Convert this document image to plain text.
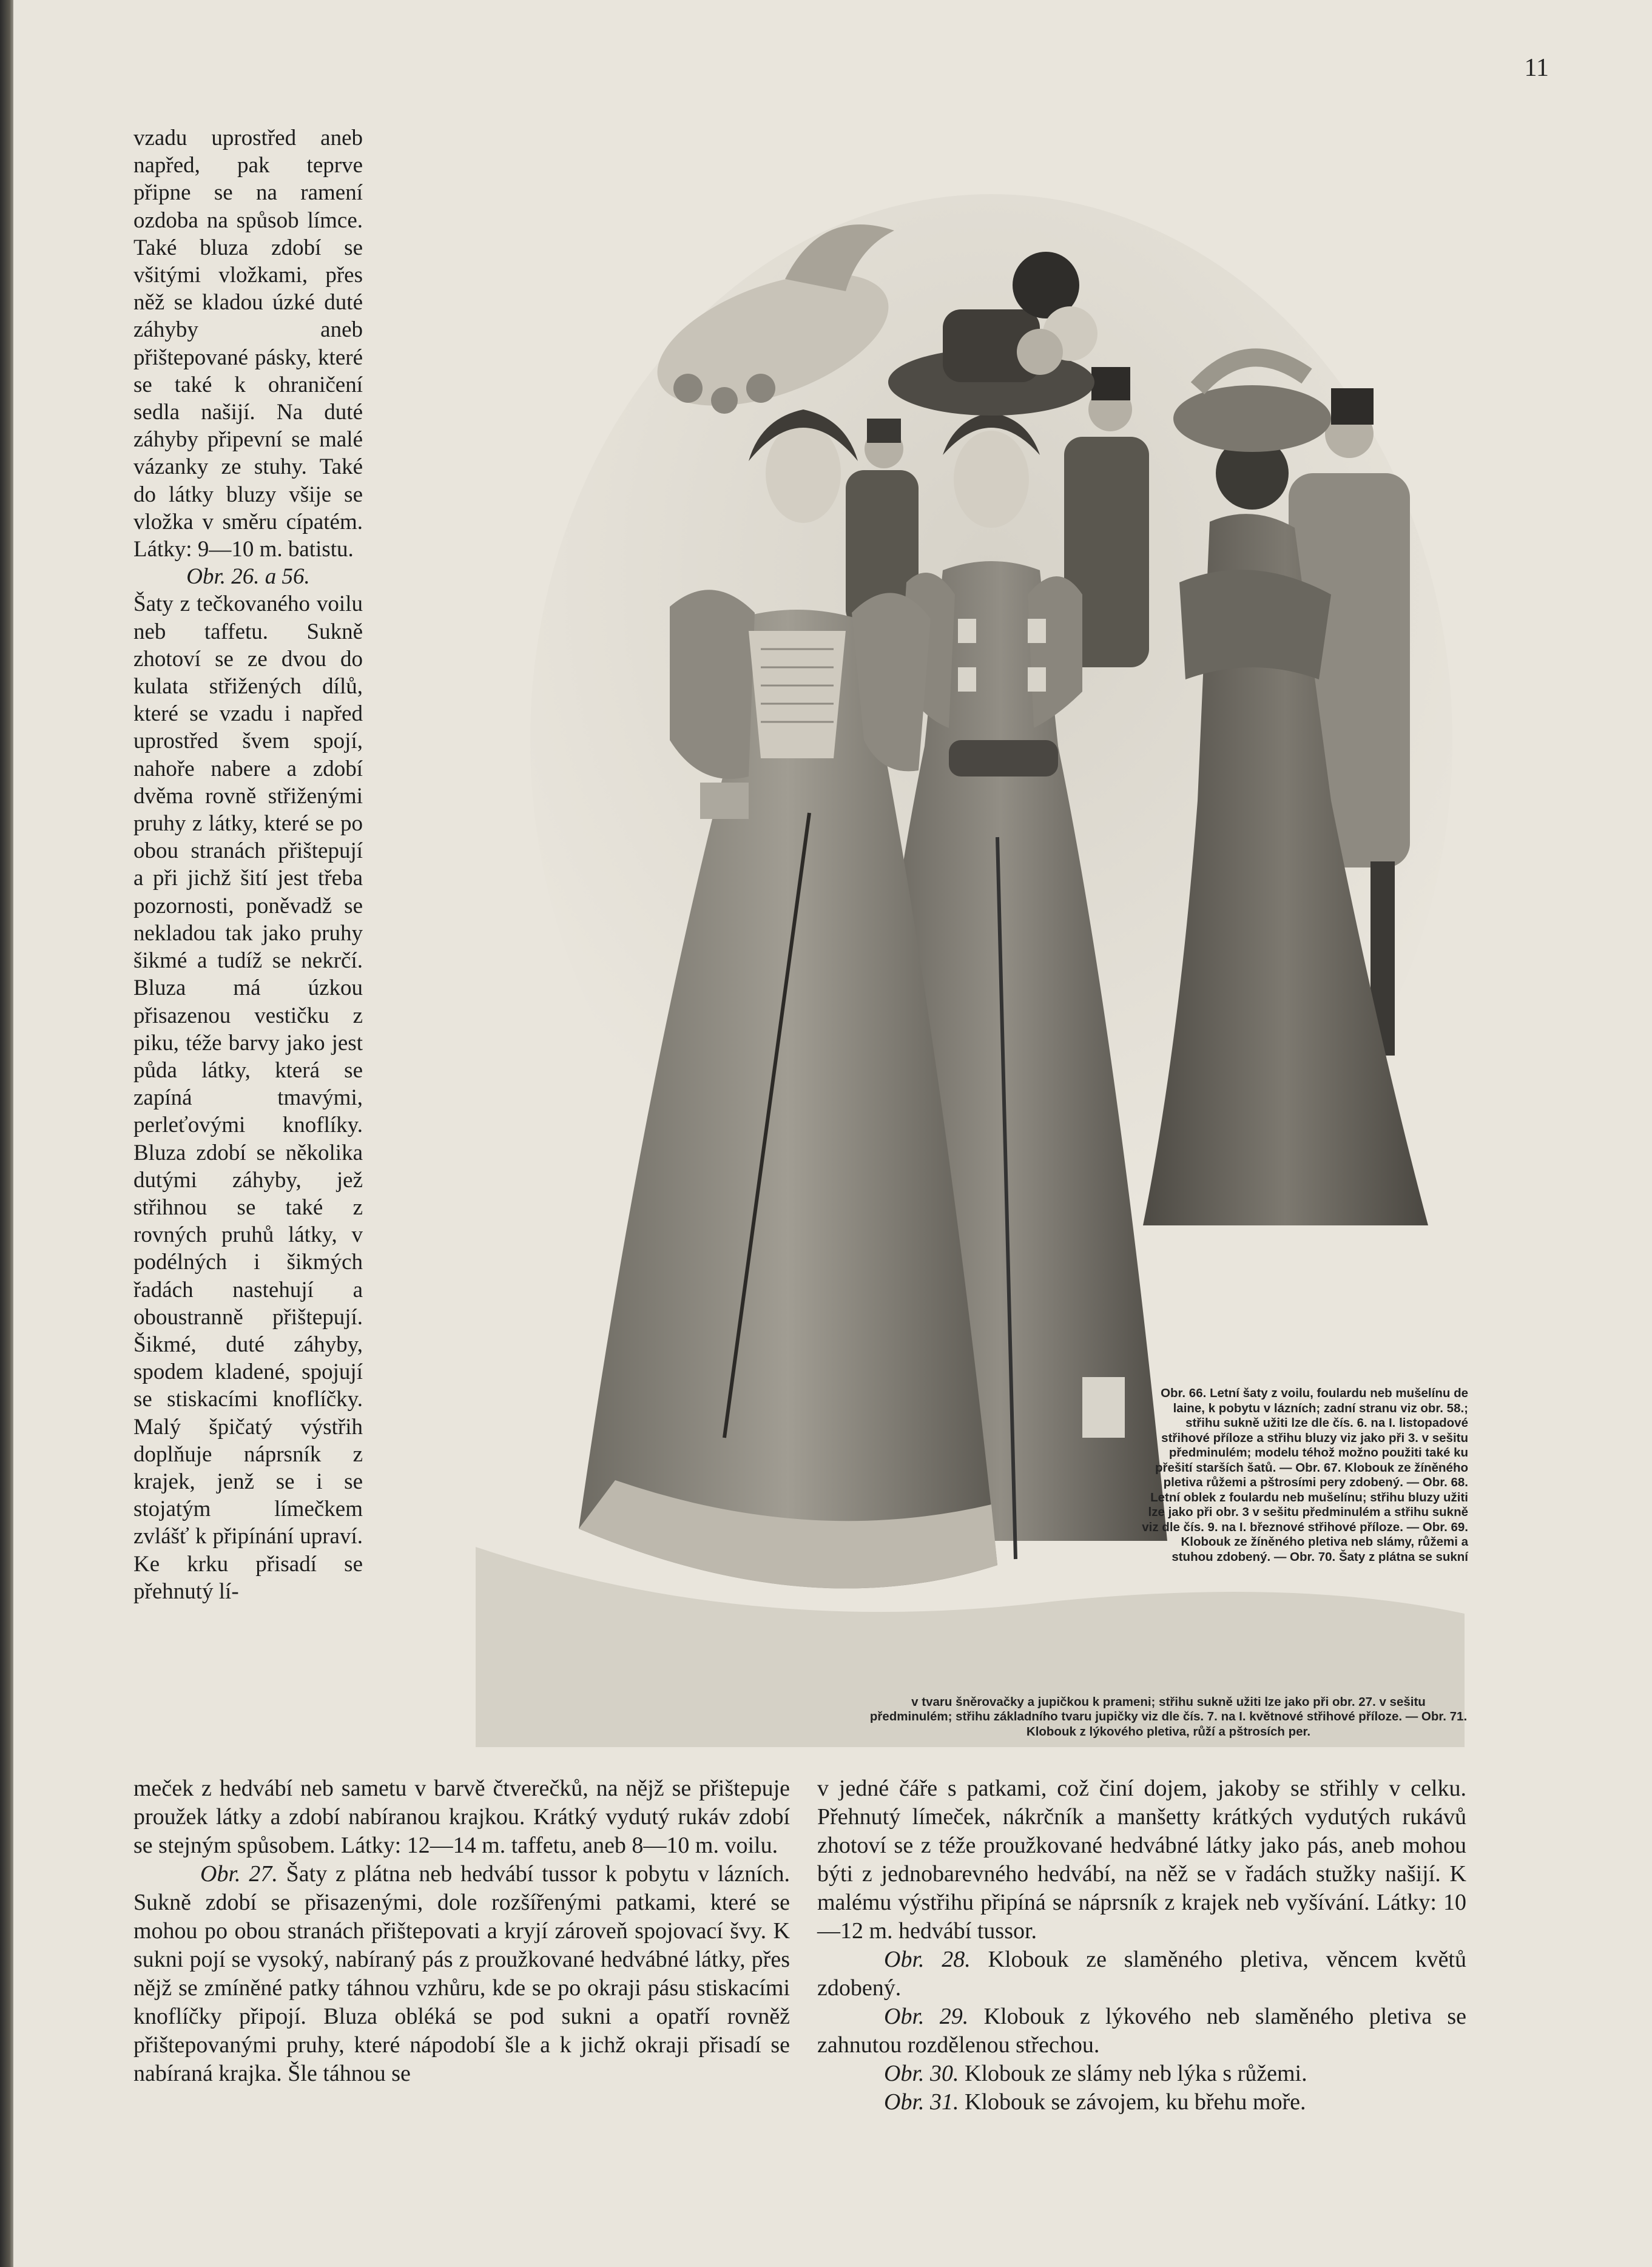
11

vzadu uprostřed aneb napřed, pak teprve připne se na ramení ozdoba na spůsob límce. Také bluza zdobí se všitými vložkami, přes něž se kladou úzké duté záhyby aneb přištepované pásky, které se také k ohraničení sedla našijí. Na duté záhyby připevní se malé vázanky ze stuhy. Také do látky bluzy všije se vložka v směru cípatém. Látky: 9—10 m. batistu.

Obr. 26. a 56.

Šaty z tečkovaného voilu neb taffetu. Sukně zhotoví se ze dvou do kulata střižených dílů, které se vzadu i napřed uprostřed švem spojí, nahoře nabere a zdobí dvěma rovně střiženými pruhy z látky, které se po obou stranách přištepují a při jichž šití jest třeba pozornosti, poněvadž se nekladou tak jako pruhy šikmé a tudíž se nekrčí. Bluza má úzkou přisazenou vestičku z piku, téže barvy jako jest půda látky, která se zapíná tmavými, perleťovými knoflíky. Bluza zdobí se několika dutými záhyby, jež střihnou se také z rovných pruhů látky, v podélných i šikmých řadách nastehují a oboustranně přištepují. Šikmé, duté záhyby, spodem kladené, spojují se stiskacími knoflíčky. Malý špičatý výstřih doplňuje náprsník z krajek, jenž se i se stojatým límečkem zvlášť k připínání upraví. Ke krku přisadí se přehnutý lí-

Obr. 66. Letní šaty z voilu, foulardu neb mušelínu de laine, k pobytu v lázních; zadní stranu viz obr. 58.; střihu sukně užiti lze dle čís. 6. na I. listopadové střihové příloze a střihu bluzy viz jako při 3. v sešitu předminulém; modelu téhož možno použiti také ku přešití starších šatů. — Obr. 67. Klobouk ze žíněného pletiva růžemi a pštrosími pery zdobený. — Obr. 68. Letní oblek z foulardu neb mušelínu; střihu bluzy užiti lze jako při obr. 3 v sešitu předminulém a střihu sukně viz dle čís. 9. na I. březnové střihové příloze. — Obr. 69. Klobouk ze žíněného pletiva neb slámy, růžemi a stuhou zdobený. — Obr. 70. Šaty z plátna se sukní

v tvaru šněrovačky a jupičkou k prameni; střihu sukně užiti lze jako při obr. 27. v sešitu předminulém; střihu základního tvaru jupičky viz dle čís. 7. na I. květnové střihové příloze. — Obr. 71. Klobouk z lýkového pletiva, růží a pštrosích per.

meček z hedvábí neb sametu v barvě čtverečků, na nějž se přištepuje proužek látky a zdobí nabíranou krajkou. Krátký vydutý rukáv zdobí se stejným spůsobem. Látky: 12—14 m. taffetu, aneb 8—10 m. voilu.

Obr. 27. Šaty z plátna neb hedvábí tussor k pobytu v lázních. Sukně zdobí se přisazenými, dole rozšířenými patkami, které se mohou po obou stranách přištepovati a kryjí zároveň spojovací švy. K sukni pojí se vysoký, nabíraný pás z proužkované hedvábné látky, přes nějž se zmíněné patky táhnou vzhůru, kde se po okraji pásu stiskacími knoflíčky připojí. Bluza obléká se pod sukni a opatří rovněž přištepovanými pruhy, které nápodobí šle a k jichž okraji přisadí se nabíraná krajka. Šle táhnou se

v jedné čáře s patkami, což činí dojem, jakoby se střihly v celku. Přehnutý límeček, nákrčník a manšetty krátkých vydutých rukávů zhotoví se z téže proužkované hedvábné látky jako pás, aneb mohou býti z jednobarevného hedvábí, na něž se v řadách stužky našijí. K malému výstřihu připíná se náprsník z krajek neb vyšívání. Látky: 10—12 m. hedvábí tussor.

Obr. 28. Klobouk ze slaměného pletiva, věncem květů zdobený.

Obr. 29. Klobouk z lýkového neb slaměného pletiva se zahnutou rozdělenou střechou.

Obr. 30. Klobouk ze slámy neb lýka s růžemi.

Obr. 31. Klobouk se závojem, ku břehu moře.
